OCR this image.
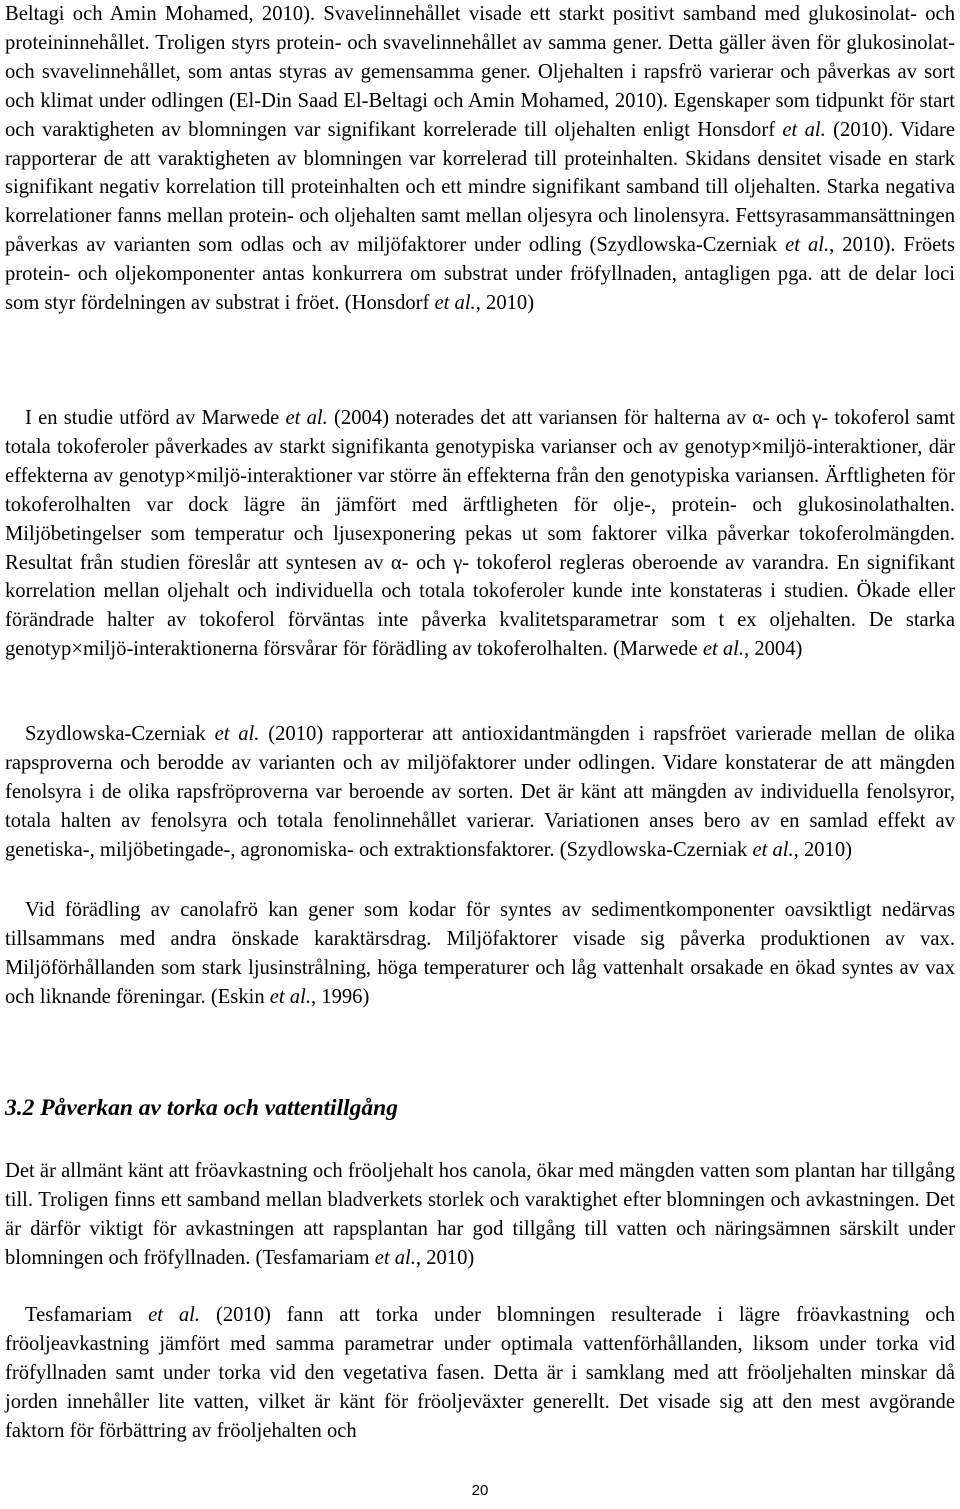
Beltagi och Amin Mohamed, 2010). Svavelinnehållet visade ett starkt positivt samband med glukosinolat- och proteininnehållet. Troligen styrs protein- och svavelinnehållet av samma gener. Detta gäller även för glukosinolat- och svavelinnehållet, som antas styras av gemensamma gener. Oljehalten i rapsfrö varierar och påverkas av sort och klimat under odlingen (El-Din Saad El-Beltagi och Amin Mohamed, 2010). Egenskaper som tidpunkt för start och varaktigheten av blomningen var signifikant korrelerade till oljehalten enligt Honsdorf et al. (2010). Vidare rapporterar de att varaktigheten av blomningen var korrelerad till proteinhalten. Skidans densitet visade en stark signifikant negativ korrelation till proteinhalten och ett mindre signifikant samband till oljehalten. Starka negativa korrelationer fanns mellan protein- och oljehalten samt mellan oljesyra och linolensyra. Fettsyrasammansättningen påverkas av varianten som odlas och av miljöfaktorer under odling (Szydlowska-Czerniak et al., 2010). Fröets protein- och oljekomponenter antas konkurrera om substrat under fröfyllnaden, antagligen pga. att de delar loci som styr fördelningen av substrat i fröet. (Honsdorf et al., 2010)

I en studie utförd av Marwede et al. (2004) noterades det att variansen för halterna av α- och γ- tokoferol samt totala tokoferoler påverkades av starkt signifikanta genotypiska varianser och av genotyp×miljö-interaktioner, där effekterna av genotyp×miljö-interaktioner var större än effekterna från den genotypiska variansen. Ärftligheten för tokoferolhalten var dock lägre än jämfört med ärftligheten för olje-, protein- och glukosinolathalten. Miljöbetingelser som temperatur och ljusexponering pekas ut som faktorer vilka påverkar tokoferolmängden. Resultat från studien föreslår att syntesen av α- och γ- tokoferol regleras oberoende av varandra. En signifikant korrelation mellan oljehalt och individuella och totala tokoferoler kunde inte konstateras i studien. Ökade eller förändrade halter av tokoferol förväntas inte påverka kvalitetsparametrar som t ex oljehalten. De starka genotyp×miljö-interaktionerna försvårar för förädling av tokoferolhalten. (Marwede et al., 2004)

Szydlowska-Czerniak et al. (2010) rapporterar att antioxidantmängden i rapsfröet varierade mellan de olika rapsproverna och berodde av varianten och av miljöfaktorer under odlingen. Vidare konstaterar de att mängden fenolsyra i de olika rapsfröproverna var beroende av sorten. Det är känt att mängden av individuella fenolsyror, totala halten av fenolsyra och totala fenolinnehållet varierar. Variationen anses bero av en samlad effekt av genetiska-, miljöbetingade-, agronomiska- och extraktionsfaktorer. (Szydlowska-Czerniak et al., 2010)

Vid förädling av canolafrö kan gener som kodar för syntes av sedimentkomponenter oavsiktligt nedärvas tillsammans med andra önskade karaktärsdrag. Miljöfaktorer visade sig påverka produktionen av vax. Miljöförhållanden som stark ljusinstrålning, höga temperaturer och låg vattenhalt orsakade en ökad syntes av vax och liknande föreningar. (Eskin et al., 1996)

3.2 Påverkan av torka och vattentillgång

Det är allmänt känt att fröavkastning och fröoljehalt hos canola, ökar med mängden vatten som plantan har tillgång till. Troligen finns ett samband mellan bladverkets storlek och varaktighet efter blomningen och avkastningen. Det är därför viktigt för avkastningen att rapsplantan har god tillgång till vatten och näringsämnen särskilt under blomningen och fröfyllnaden. (Tesfamariam et al., 2010)

Tesfamariam et al. (2010) fann att torka under blomningen resulterade i lägre fröavkastning och fröoljeavkastning jämfört med samma parametrar under optimala vattenförhållanden, liksom under torka vid fröfyllnaden samt under torka vid den vegetativa fasen. Detta är i samklang med att fröoljehalten minskar då jorden innehåller lite vatten, vilket är känt för fröoljeväxter generellt. Det visade sig att den mest avgörande faktorn för förbättring av fröoljehalten och

20
